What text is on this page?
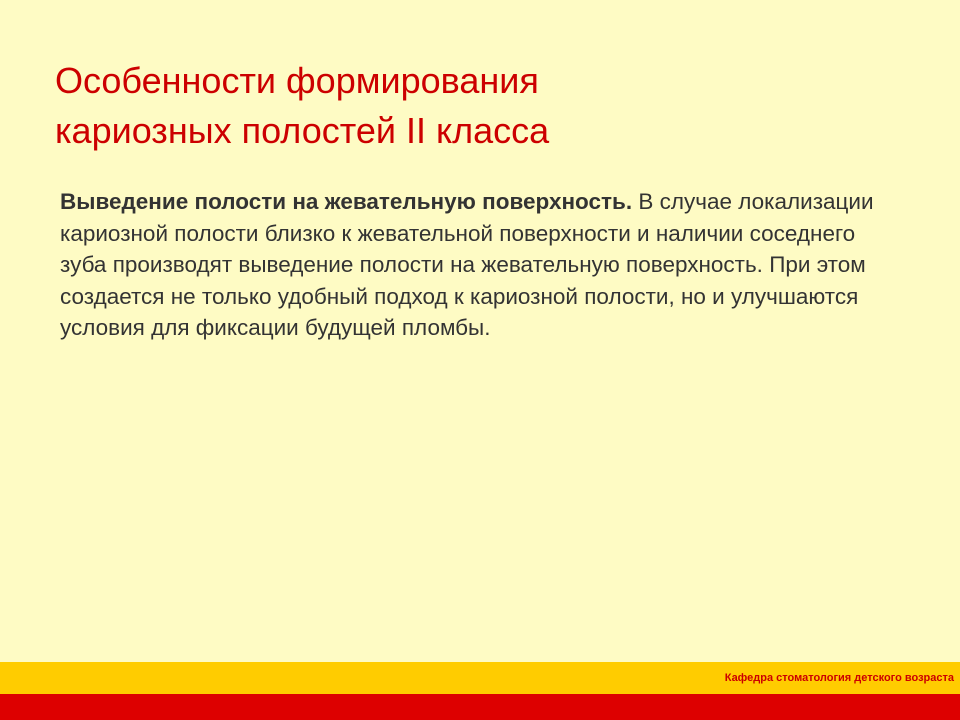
Особенности формирования
кариозных полостей II класса

Выведение полости на жевательную поверхность. В случае локализации кариозной полости близко к жевательной поверхности и наличии соседнего зуба производят выведение полости на жевательную поверхность. При этом создается не только удобный подход к кариозной полости, но и улучшаются условия для фиксации будущей пломбы.

Кафедра стоматология детского возраста
